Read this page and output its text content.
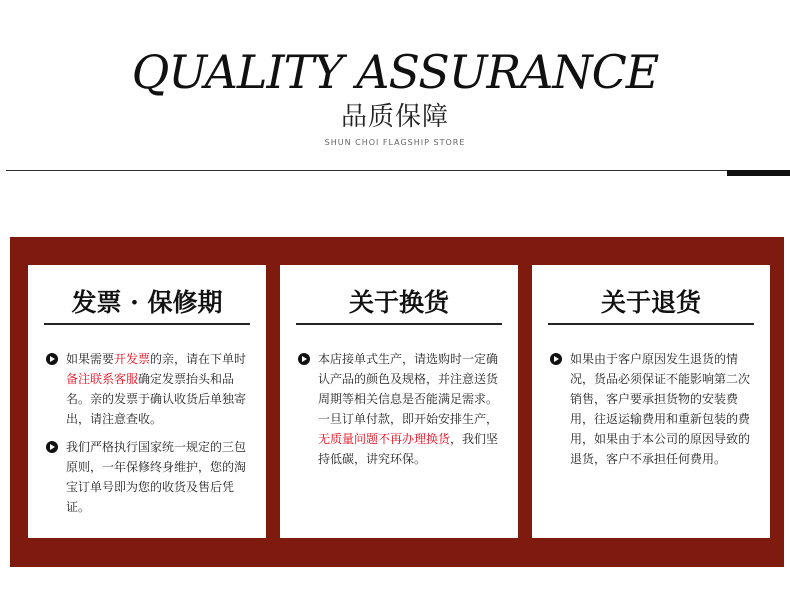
QUALITY ASSURANCE
品质保障
SHUN CHOI FLAGSHIP STORE
发票 · 保修期
如果需要开发票的亲，请在下单时备注联系客服确定发票抬头和品名。亲的发票于确认收货后单独寄出，请注意查收。
我们严格执行国家统一规定的三包原则，一年保修终身维护，您的淘宝订单号即为您的收货及售后凭证。
关于换货
本店接单式生产，请选购时一定确认产品的颜色及规格，并注意送货周期等相关信息是否能满足需求。一旦订单付款，即开始安排生产，无质量问题不再办理换货，我们坚持低碳，讲究环保。
关于退货
如果由于客户原因发生退货的情况，货品必须保证不能影响第二次销售，客户要承担货物的安装费用，往返运输费用和重新包装的费用，如果由于本公司的原因导致的退货，客户不承担任何费用。
